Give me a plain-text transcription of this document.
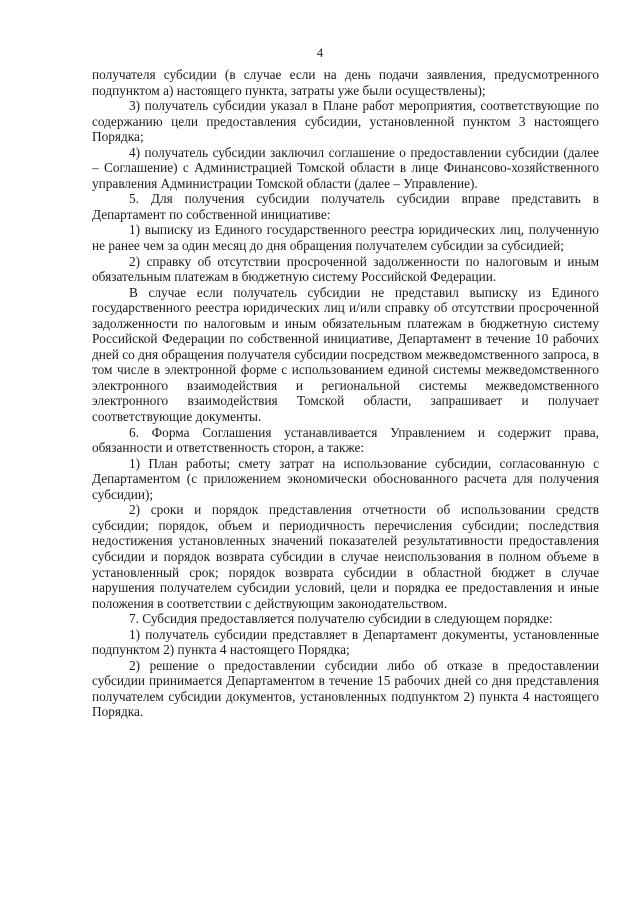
4

получателя субсидии (в случае если на день подачи заявления, предусмотренного подпунктом а) настоящего пункта, затраты уже были осуществлены);

3) получатель субсидии указал в Плане работ мероприятия, соответствующие по содержанию цели предоставления субсидии, установленной пунктом 3 настоящего Порядка;

4) получатель субсидии заключил соглашение о предоставлении субсидии (далее – Соглашение) с Администрацией Томской области в лице Финансово-хозяйственного управления Администрации Томской области (далее – Управление).

5. Для получения субсидии получатель субсидии вправе представить в Департамент по собственной инициативе:

1) выписку из Единого государственного реестра юридических лиц, полученную не ранее чем за один месяц до дня обращения получателем субсидии за субсидией;

2) справку об отсутствии просроченной задолженности по налоговым и иным обязательным платежам в бюджетную систему Российской Федерации.

В случае если получатель субсидии не представил выписку из Единого государственного реестра юридических лиц и/или справку об отсутствии просроченной задолженности по налоговым и иным обязательным платежам в бюджетную систему Российской Федерации по собственной инициативе, Департамент в течение 10 рабочих дней со дня обращения получателя субсидии посредством межведомственного запроса, в том числе в электронной форме с использованием единой системы межведомственного электронного взаимодействия и региональной системы межведомственного электронного взаимодействия Томской области, запрашивает и получает соответствующие документы.

6. Форма Соглашения устанавливается Управлением и содержит права, обязанности и ответственность сторон, а также:

1) План работы; смету затрат на использование субсидии, согласованную с Департаментом (с приложением экономически обоснованного расчета для получения субсидии);

2) сроки и порядок представления отчетности об использовании средств субсидии; порядок, объем и периодичность перечисления субсидии; последствия недостижения установленных значений показателей результативности предоставления субсидии и порядок возврата субсидии в случае неиспользования в полном объеме в установленный срок; порядок возврата субсидии в областной бюджет в случае нарушения получателем субсидии условий, цели и порядка ее предоставления и иные положения в соответствии с действующим законодательством.

7. Субсидия предоставляется получателю субсидии в следующем порядке:

1) получатель субсидии представляет в Департамент документы, установленные подпунктом 2) пункта 4 настоящего Порядка;

2) решение о предоставлении субсидии либо об отказе в предоставлении субсидии принимается Департаментом в течение 15 рабочих дней со дня представления получателем субсидии документов, установленных подпунктом 2) пункта 4 настоящего Порядка.
